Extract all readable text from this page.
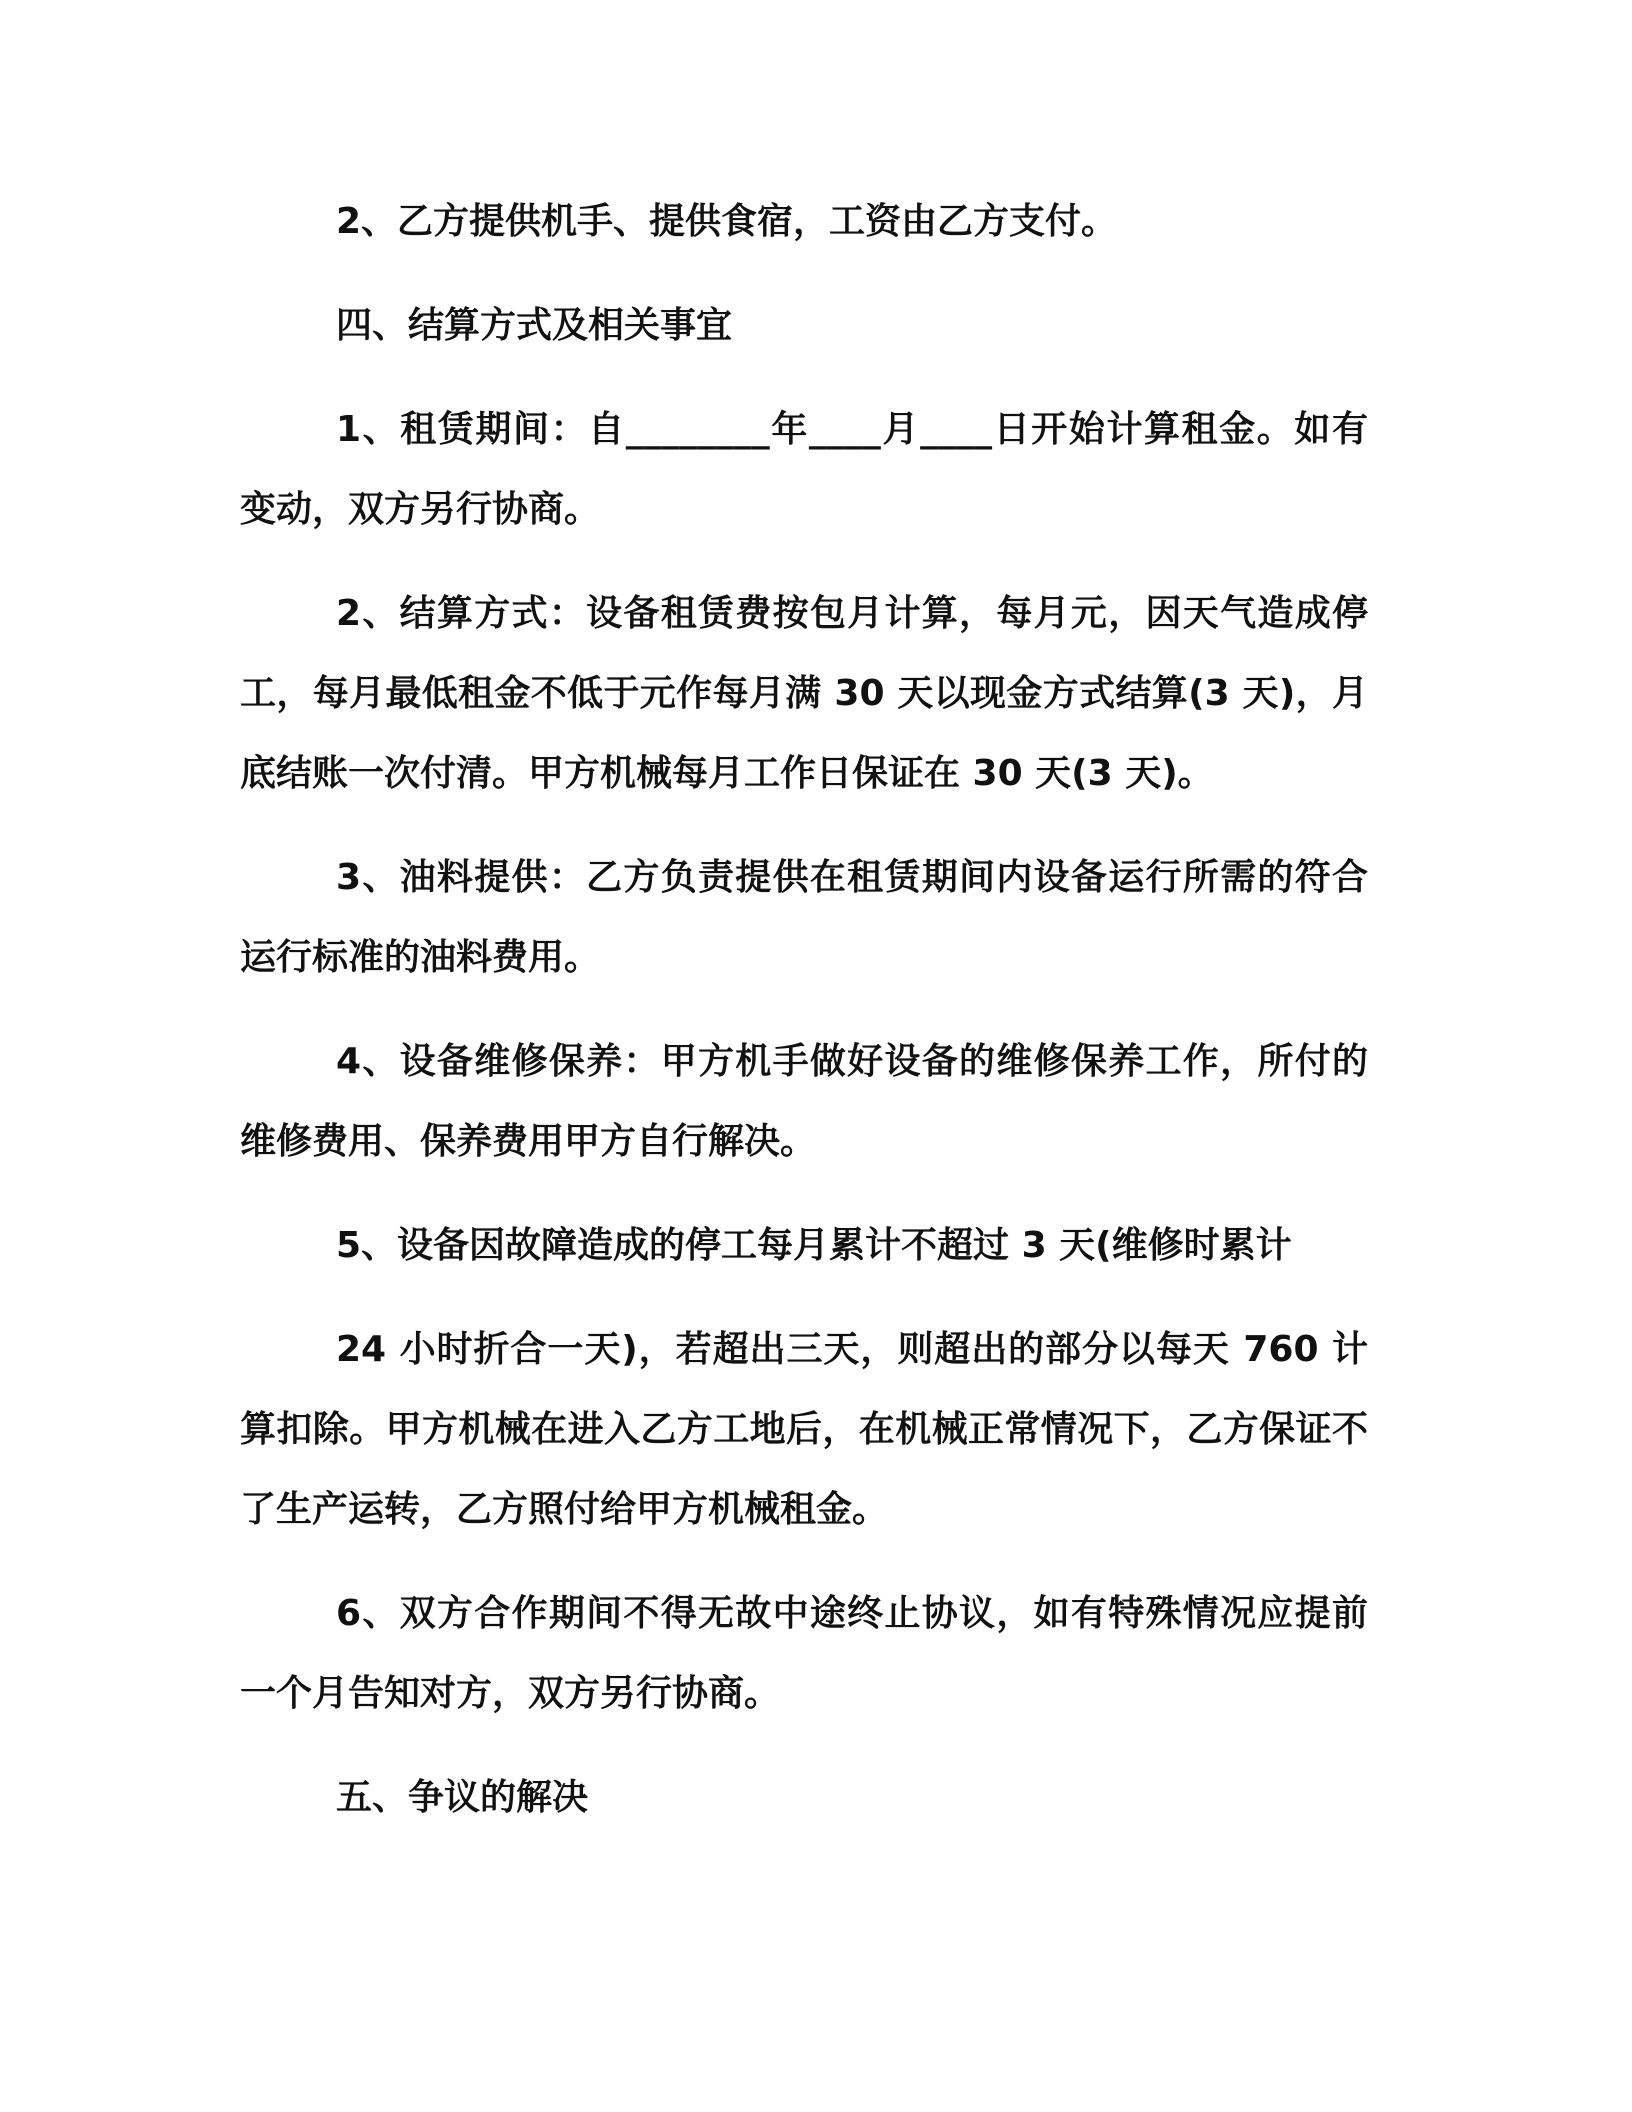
2、乙方提供机手、提供食宿，工资由乙方支付。

四、结算方式及相关事宜

1、租赁期间：自________年____月____日开始计算租金。如有变动，双方另行协商。

2、结算方式：设备租赁费按包月计算，每月元，因天气造成停工，每月最低租金不低于元作每月满 30 天以现金方式结算(3 天)，月底结账一次付清。甲方机械每月工作日保证在 30 天(3 天)。

3、油料提供：乙方负责提供在租赁期间内设备运行所需的符合运行标准的油料费用。

4、设备维修保养：甲方机手做好设备的维修保养工作，所付的维修费用、保养费用甲方自行解决。

5、设备因故障造成的停工每月累计不超过 3 天(维修时累计

24 小时折合一天)，若超出三天，则超出的部分以每天 760 计算扣除。甲方机械在进入乙方工地后，在机械正常情况下，乙方保证不了生产运转，乙方照付给甲方机械租金。

6、双方合作期间不得无故中途终止协议，如有特殊情况应提前一个月告知对方，双方另行协商。

五、争议的解决
